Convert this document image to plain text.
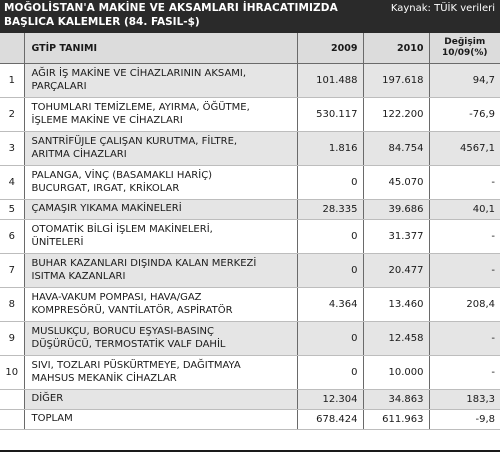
MOĞOLİSTAN'A MAKİNE VE AKSAMLARI İHRACATIMIZDA
BAŞLICA KALEMLER (84. FASIL-$)
Kaynak: TÜİK verileri
	GTİP TANIMI	2009	2010	Değişim
10/09(%)

1	AĞIR İŞ MAKİNE VE CİHAZLARININ AKSAMI,
PARÇALARI	101.488	197.618	94,7
2	TOHUMLARI TEMİZLEME, AYIRMA, ÖĞÜTME,
İŞLEME MAKİNE VE CİHAZLARI	530.117	122.200	-76,9
3	SANTRİFÜJLE ÇALIŞAN KURUTMA, FİLTRE,
ARITMA CİHAZLARI	1.816	84.754	4567,1
4	PALANGA, VİNÇ (BASAMAKLI HARİÇ)
BUCURGAT, IRGAT, KRİKOLAR	0	45.070	-
5	ÇAMAŞIR YIKAMA MAKİNELERİ	28.335	39.686	40,1
6	OTOMATİK BİLGİ İŞLEM MAKİNELERİ,
ÜNİTELERİ	0	31.377	-
7	BUHAR KAZANLARI DIŞINDA KALAN MERKEZİ
ISITMA KAZANLARI	0	20.477	-
8	HAVA-VAKUM POMPASI, HAVA/GAZ
KOMPRESÖRÜ, VANTİLATÖR, ASPİRATÖR	4.364	13.460	208,4
9	MUSLUKÇU, BORUCU EŞYASI-BASINÇ
DÜŞÜRÜCÜ, TERMOSTATİK VALF DAHİL	0	12.458	-
10	SIVI, TOZLARI PÜSKÜRTMEYE, DAĞITMAYA
MAHSUS MEKANİK CİHAZLAR	0	10.000	-

	DİĞER	12.304	34.863	183,3

	TOPLAM	678.424	611.963	-9,8
